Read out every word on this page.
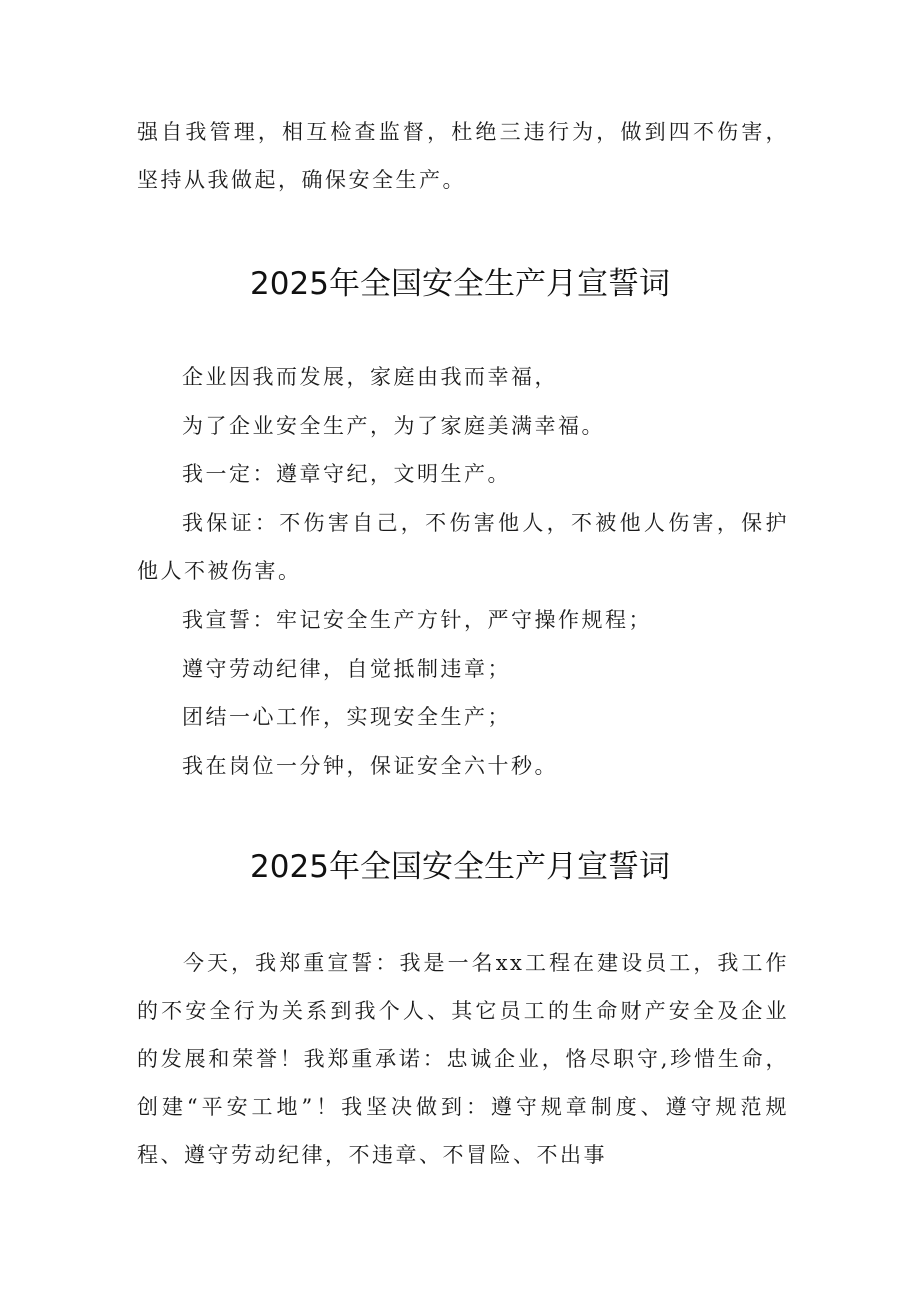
强自我管理，相互检查监督，杜绝三违行为，做到四不伤害，坚持从我做起，确保安全生产。

2025年全国安全生产月宣誓词

企业因我而发展，家庭由我而幸福，

为了企业安全生产，为了家庭美满幸福。

我一定：遵章守纪，文明生产。

我保证：不伤害自己，不伤害他人，不被他人伤害，保护他人不被伤害。

我宣誓：牢记安全生产方针，严守操作规程；

遵守劳动纪律，自觉抵制违章；

团结一心工作，实现安全生产；

我在岗位一分钟，保证安全六十秒。

2025年全国安全生产月宣誓词

今天，我郑重宣誓：我是一名xx工程在建设员工，我工作的不安全行为关系到我个人、其它员工的生命财产安全及企业的发展和荣誉！我郑重承诺：忠诚企业，恪尽职守,珍惜生命，创建“平安工地”！我坚决做到：遵守规章制度、遵守规范规程、遵守劳动纪律，不违章、不冒险、不出事
